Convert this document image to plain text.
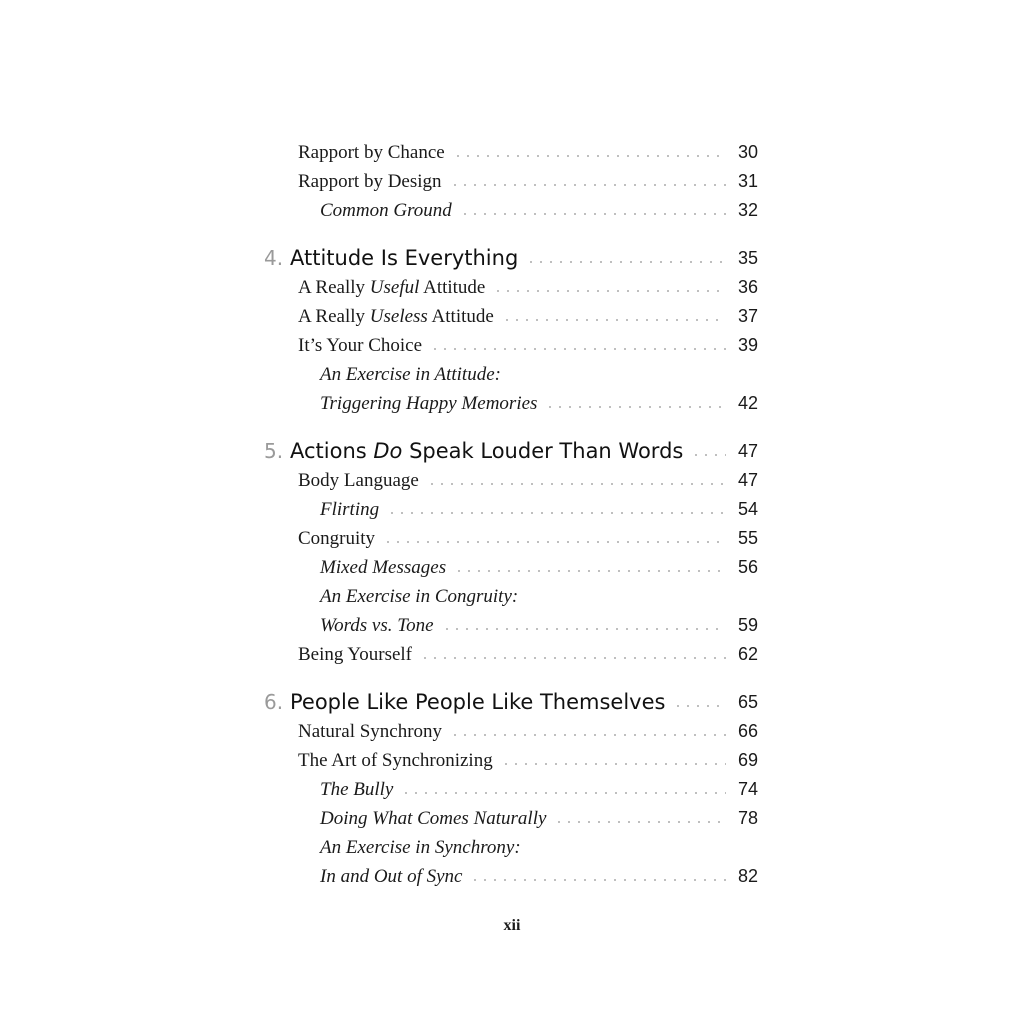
Rapport by Chance	30
Rapport by Design	31
Common Ground	32
4. Attitude Is Everything	35
A Really Useful Attitude	36
A Really Useless Attitude	37
It’s Your Choice	39
An Exercise in Attitude:
Triggering Happy Memories	42
5. Actions Do Speak Louder Than Words	47
Body Language	47
Flirting	54
Congruity	55
Mixed Messages	56
An Exercise in Congruity:
Words vs. Tone	59
Being Yourself	62
6. People Like People Like Themselves	65
Natural Synchrony	66
The Art of Synchronizing	69
The Bully	74
Doing What Comes Naturally	78
An Exercise in Synchrony:
In and Out of Sync	82
xii
